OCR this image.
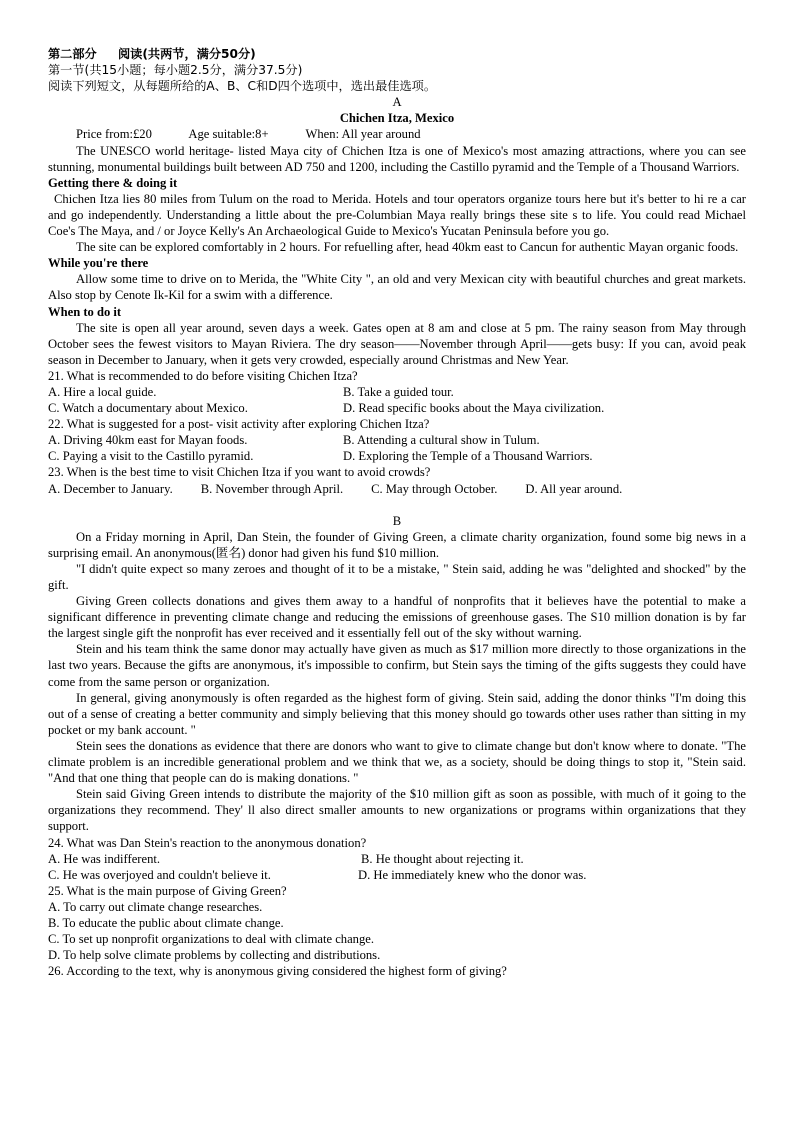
第二部分     阅读(共两节，满分50分)
第一节(共15小题；每小题2.5分，满分37.5分)
阅读下列短文，从每题所给的A、B、C和D四个选项中，选出最佳选项。
A
Chichen Itza, Mexico
Price from:£20	Age suitable:8+	When: All year around

The UNESCO world heritage- listed Maya city of Chichen Itza is one of Mexico's most amazing attractions, where you can see stunning, monumental buildings built between AD 750 and 1200, including the Castillo pyramid and the Temple of a Thousand Warriors.

Getting there & doing it

Chichen Itza lies 80 miles from Tulum on the road to Merida. Hotels and tour operators organize tours here but it's better to hi re a car and go independently. Understanding a little about the pre-Columbian Maya really brings these site s to life. You could read Michael Coe's The Maya, and / or Joyce Kelly's An Archaeological Guide to Mexico's Yucatan Peninsula before you go.

The site can be explored comfortably in 2 hours. For refuelling after, head 40km east to Cancun for authentic Mayan organic foods.

While you're there

Allow some time to drive on to Merida, the "White City ", an old and very Mexican city with beautiful churches and great markets. Also stop by Cenote Ik-Kil for a swim with a difference.

When to do it

The site is open all year around, seven days a week. Gates open at 8 am and close at 5 pm. The rainy season from May through October sees the fewest visitors to Mayan Riviera. The dry season——November through April——gets busy: If you can, avoid peak season in December to January, when it gets very crowded, especially around Christmas and New Year.

21. What is recommended to do before visiting Chichen Itza?
A. Hire a local guide.	B. Take a guided tour.
C. Watch a documentary about Mexico.	D. Read specific books about the Maya civilization.
22. What is suggested for a post- visit activity after exploring Chichen Itza?
A. Driving 40km east for Mayan foods.	B. Attending a cultural show in Tulum.
C. Paying a visit to the Castillo pyramid.	D. Exploring the Temple of a Thousand Warriors.
23. When is the best time to visit Chichen Itza if you want to avoid crowds?
A. December to January. B. November through April. C. May through October. D. All year around.
B

On a Friday morning in April, Dan Stein, the founder of Giving Green, a climate charity organization, found some big news in a surprising email. An anonymous(匿名) donor had given his fund $10 million.

"I didn't quite expect so many zeroes and thought of it to be a mistake, " Stein said, adding he was "delighted and shocked" by the gift.

Giving Green collects donations and gives them away to a handful of nonprofits that it believes have the potential to make a significant difference in preventing climate change and reducing the emissions of greenhouse gases. The S10 million donation is by far the largest single gift the nonprofit has ever received and it essentially fell out of the sky without warning.

Stein and his team think the same donor may actually have given as much as $17 million more directly to those organizations in the last two years. Because the gifts are anonymous, it's impossible to confirm, but Stein says the timing of the gifts suggests they could have come from the same person or organization.

In general, giving anonymously is often regarded as the highest form of giving. Stein said, adding the donor thinks "I'm doing this out of a sense of creating a better community and simply believing that this money should go towards other uses rather than sitting in my pocket or my bank account. "

Stein sees the donations as evidence that there are donors who want to give to climate change but don't know where to donate. "The climate problem is an incredible generational problem and we think that we, as a society, should be doing things to stop it, "Stein said. "And that one thing that people can do is making donations. "

Stein said Giving Green intends to distribute the majority of the $10 million gift as soon as possible, with much of it going to the organizations they recommend. They' ll also direct smaller amounts to new organizations or programs within organizations that they support.

24. What was Dan Stein's reaction to the anonymous donation?
A. He was indifferent.	B. He thought about rejecting it.
C. He was overjoyed and couldn't believe it.	D. He immediately knew who the donor was.
25. What is the main purpose of Giving Green?
A. To carry out climate change researches.
B. To educate the public about climate change.
C. To set up nonprofit organizations to deal with climate change.
D. To help solve climate problems by collecting and distributions.
26. According to the text, why is anonymous giving considered the highest form of giving?
